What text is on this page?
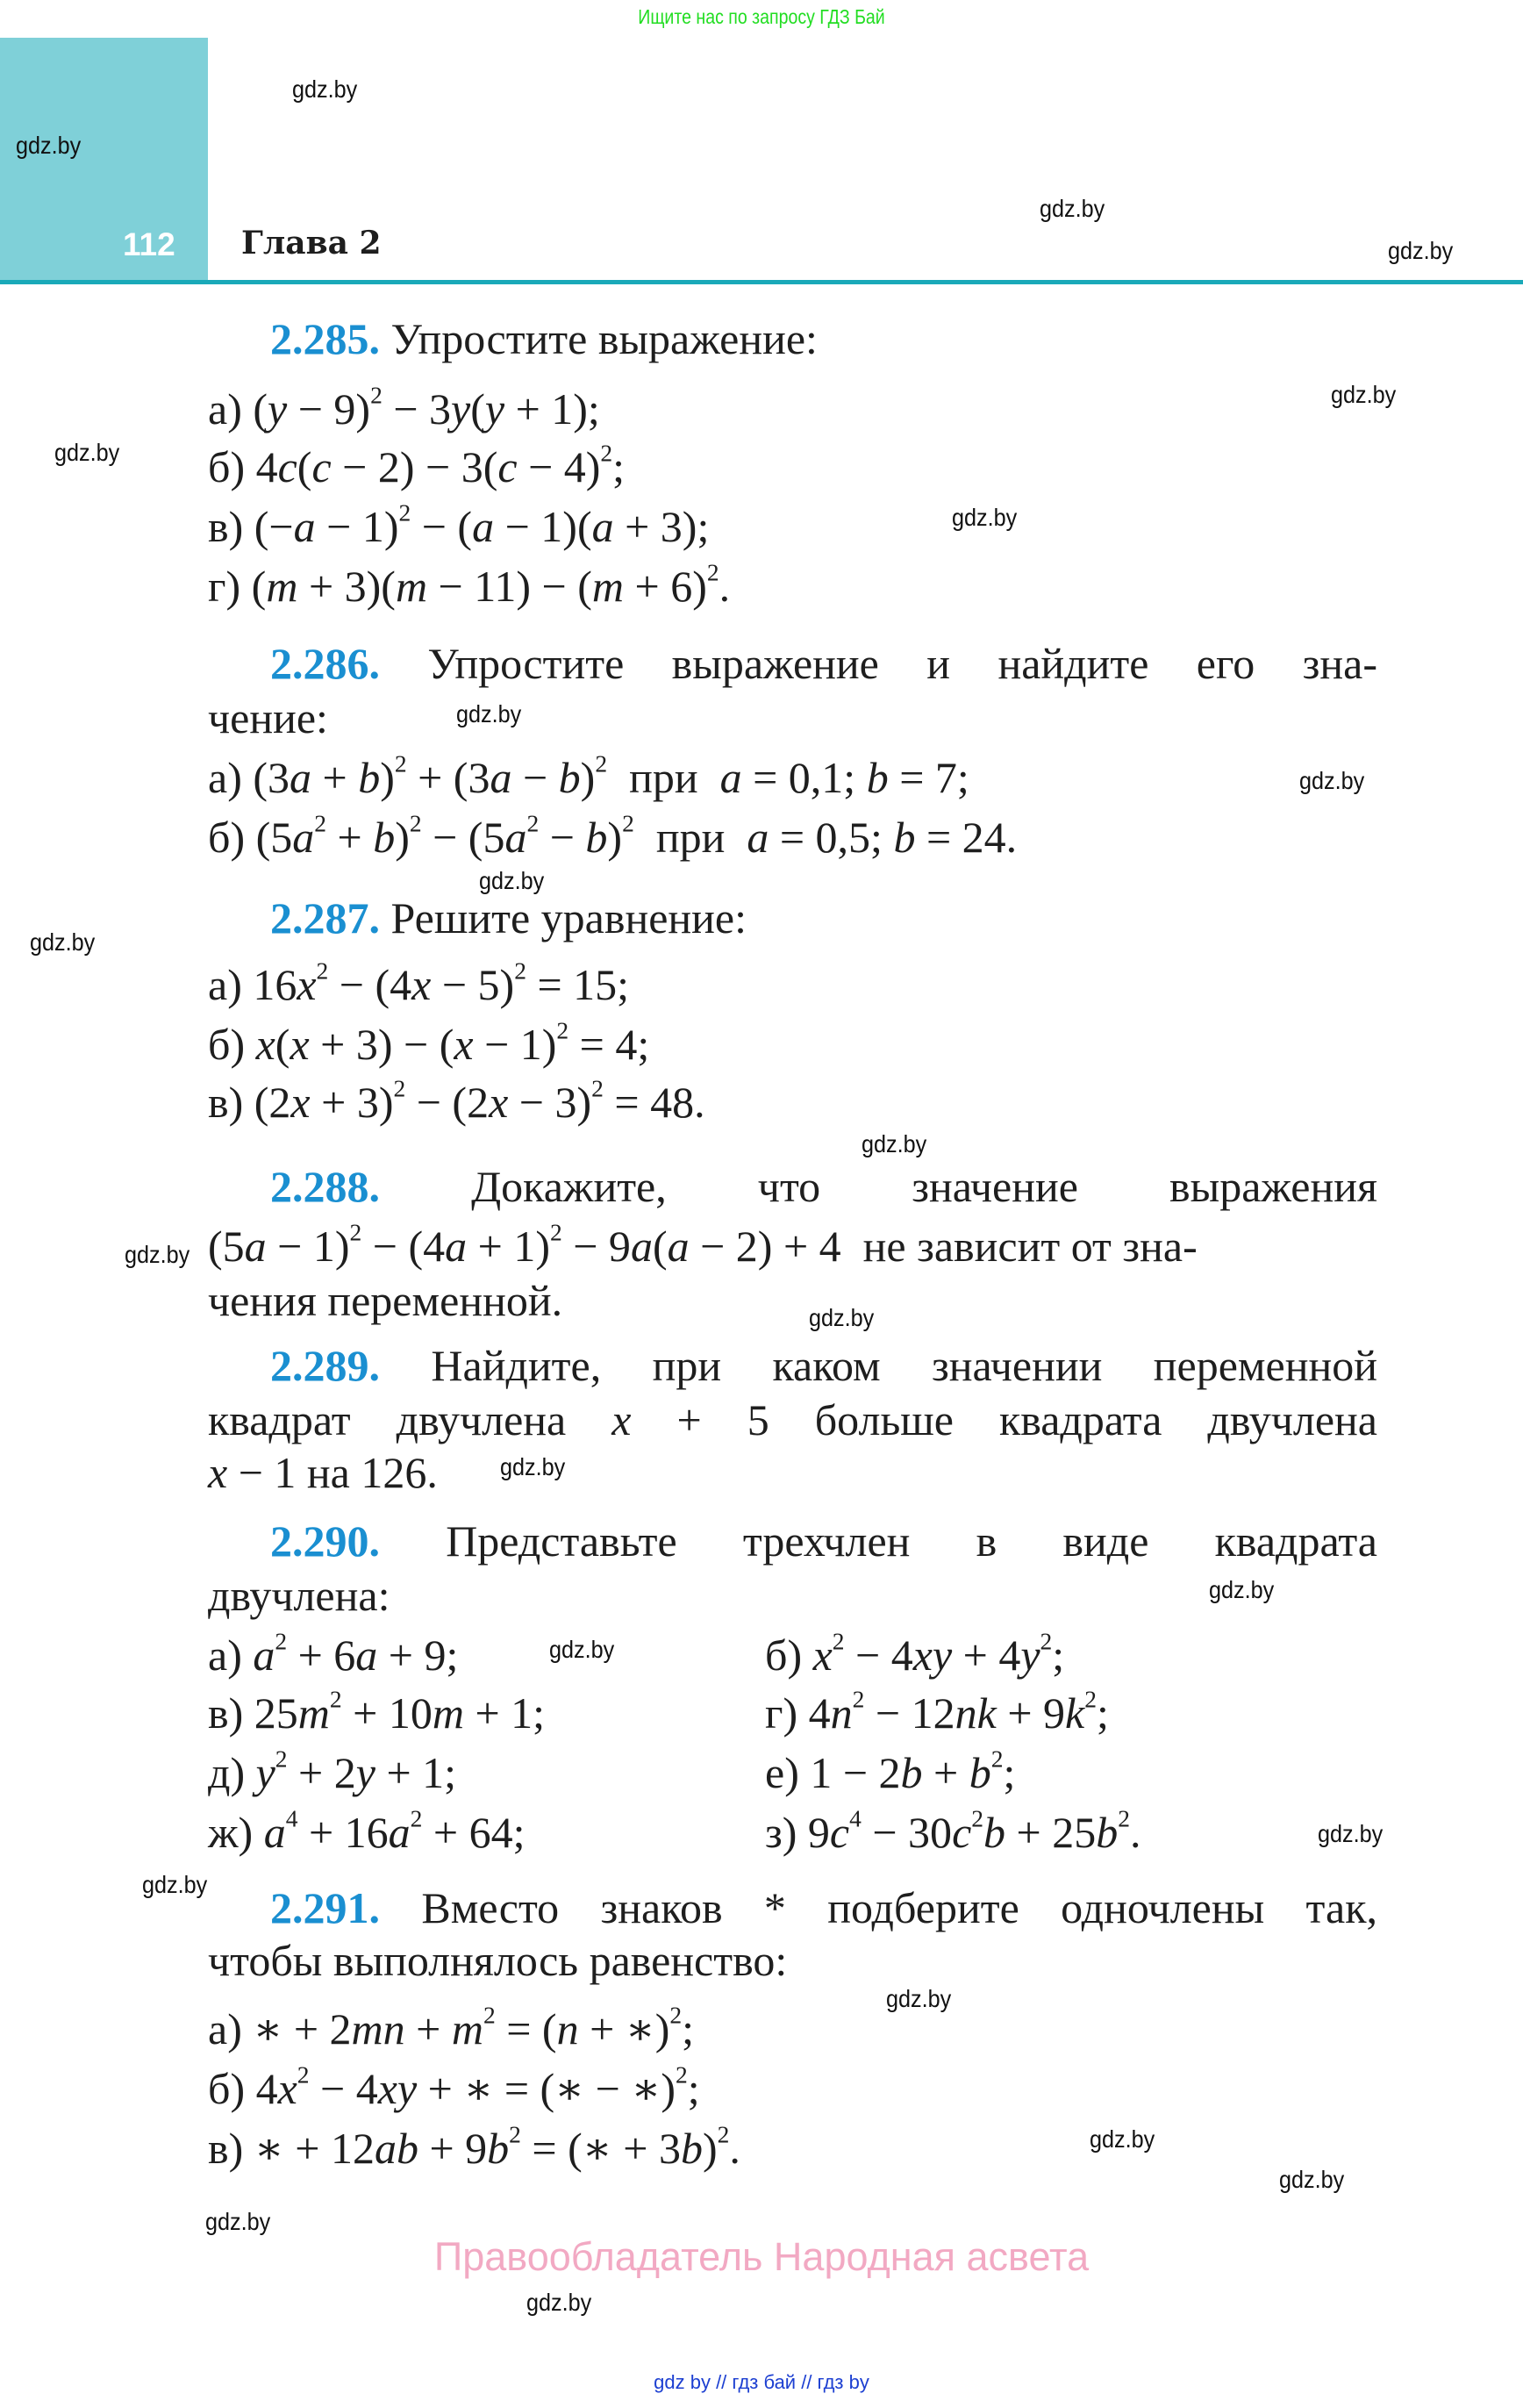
Ищите нас по запросу ГДЗ Бай
112 Глава 2
2.285. Упростите выражение:
а) $(y - 9)^2 - 3y(y + 1)$;
б) $4c(c - 2) - 3(c - 4)^2$;
в) $(-a - 1)^2 - (a - 1)(a + 3)$;
г) $(m + 3)(m - 11) - (m + 6)^2$.
2.286. Упростите выражение и найдите его зна-
чение:
а) $(3a + b)^2 + (3a - b)^2$  при  a = 0,1; b = 7;
б) $(5a^2 + b)^2 - (5a^2 - b)^2$  при  a = 0,5; b = 24.
2.287. Решите уравнение:
а) $16x^2 - (4x - 5)^2 = 15$;
б) $x(x + 3) - (x - 1)^2 = 4$;
в) $(2x + 3)^2 - (2x - 3)^2 = 48$.
2.288. Докажите, что значение выражения
$(5a - 1)^2 - (4a + 1)^2 - 9a(a - 2) + 4$  не зависит от зна-
чения переменной.
2.289. Найдите, при каком значении переменной
квадрат двучлена x + 5 больше квадрата двучлена
x − 1 на 126.
2.290. Представьте трехчлен в виде квадрата
двучлена:
а) $a^2 + 6a + 9$;	б) $x^2 - 4xy + 4y^2$;
в) $25m^2 + 10m + 1$;	г) $4n^2 - 12nk + 9k^2$;
д) $y^2 + 2y + 1$;	е) $1 - 2b + b^2$;
ж) $a^4 + 16a^2 + 64$;	з) $9c^4 - 30c^2b + 25b^2$.
2.291. Вместо знаков * подберите одночлены так,
чтобы выполнялось равенство:
а) ∗ + $2mn + m^2 = (n$ + ∗)$^2$;
б) $4x^2 - 4xy$ + ∗ = (∗ − ∗)$^2$;
в) ∗ + $12ab + 9b^2$ = (∗ + 3b)$^2$.
gdz.by
gdz.by
gdz.by
gdz.by
gdz.by
gdz.by
gdz.by
gdz.by
gdz.by
gdz.by
gdz.by
gdz.by
gdz.by
gdz.by
gdz.by
gdz.by
gdz.by
gdz.by
gdz.by
gdz.by
gdz.by
gdz.by
gdz.by
gdz.by
Правообладатель Народная асвета
gdz by // гдз бай // гдз by
